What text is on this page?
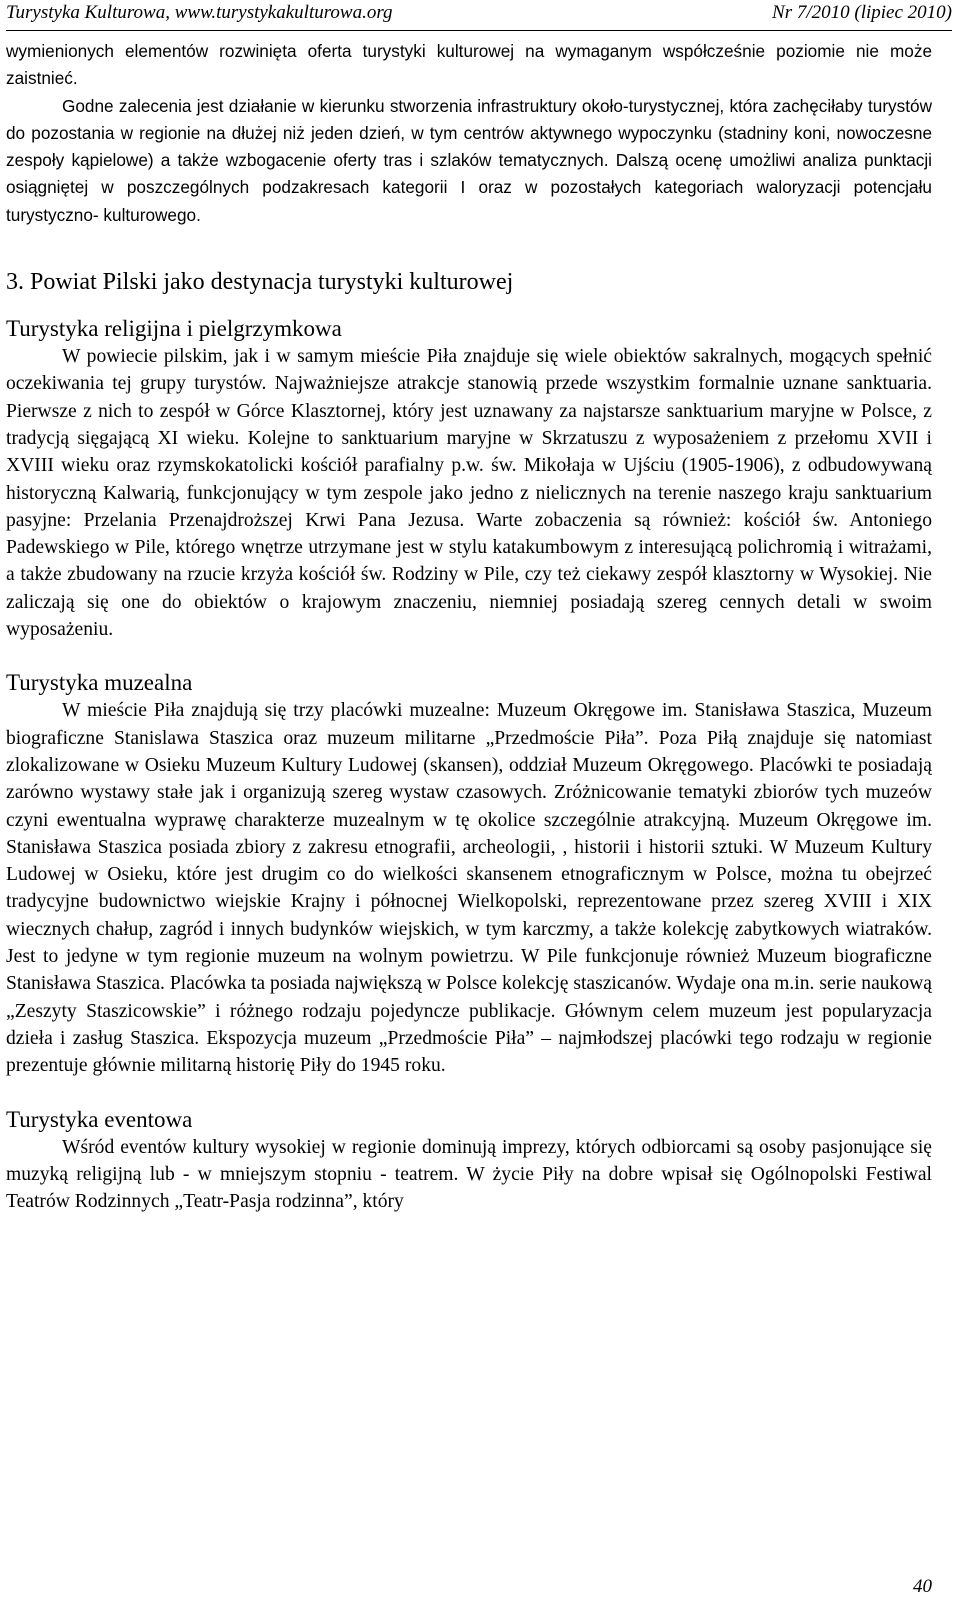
Turystyka Kulturowa, www.turystykakulturowa.org	Nr 7/2010 (lipiec 2010)

wymienionych elementów rozwinięta oferta turystyki kulturowej na wymaganym współcześnie poziomie nie może zaistnieć.

Godne zalecenia jest działanie w kierunku stworzenia infrastruktury około-turystycznej, która zachęciłaby turystów do pozostania w regionie na dłużej niż jeden dzień, w tym centrów aktywnego wypoczynku (stadniny koni, nowoczesne zespoły kąpielowe) a także wzbogacenie oferty tras i szlaków tematycznych. Dalszą ocenę umożliwi analiza punktacji osiągniętej w poszczególnych podzakresach kategorii I oraz w pozostałych kategoriach waloryzacji potencjału turystyczno- kulturowego.

3. Powiat Pilski jako destynacja turystyki kulturowej
Turystyka religijna i pielgrzymkowa

W powiecie pilskim, jak i w samym mieście Piła znajduje się wiele obiektów sakralnych, mogących spełnić oczekiwania tej grupy turystów. Najważniejsze atrakcje stanowią przede wszystkim formalnie uznane sanktuaria. Pierwsze z nich to zespół w Górce Klasztornej, który jest uznawany za najstarsze sanktuarium maryjne w Polsce, z tradycją sięgającą XI wieku. Kolejne to sanktuarium maryjne w Skrzatuszu z wyposażeniem z przełomu XVII i XVIII wieku oraz rzymskokatolicki kościół parafialny p.w. św. Mikołaja w Ujściu (1905-1906), z odbudowywaną historyczną Kalwarią, funkcjonujący w tym zespole jako jedno z nielicznych na terenie naszego kraju sanktuarium pasyjne: Przelania Przenajdroższej Krwi Pana Jezusa. Warte zobaczenia są również: kościół św. Antoniego Padewskiego w Pile, którego wnętrze utrzymane jest w stylu katakumbowym z interesującą polichromią i witrażami, a także zbudowany na rzucie krzyża kościół św. Rodziny w Pile, czy też ciekawy zespół klasztorny w Wysokiej. Nie zaliczają się one do obiektów o krajowym znaczeniu, niemniej posiadają szereg cennych detali w swoim wyposażeniu.

Turystyka muzealna

W mieście Piła znajdują się trzy placówki muzealne: Muzeum Okręgowe im. Stanisława Staszica, Muzeum biograficzne Stanislawa Staszica oraz muzeum militarne „Przedmoście Piła”. Poza Piłą znajduje się natomiast zlokalizowane w Osieku Muzeum Kultury Ludowej (skansen), oddział Muzeum Okręgowego. Placówki te posiadają zarówno wystawy stałe jak i organizują szereg wystaw czasowych. Zróżnicowanie tematyki zbiorów tych muzeów czyni ewentualna wyprawę charakterze muzealnym w tę okolice szczególnie atrakcyjną. Muzeum Okręgowe im. Stanisława Staszica posiada zbiory z zakresu etnografii, archeologii, , historii i historii sztuki. W Muzeum Kultury Ludowej w Osieku, które jest drugim co do wielkości skansenem etnograficznym w Polsce, można tu obejrzeć tradycyjne budownictwo wiejskie Krajny i północnej Wielkopolski, reprezentowane przez szereg XVIII i XIX wiecznych chałup, zagród i innych budynków wiejskich, w tym karczmy, a także kolekcję zabytkowych wiatraków. Jest to jedyne w tym regionie muzeum na wolnym powietrzu. W Pile funkcjonuje również Muzeum biograficzne Stanisława Staszica. Placówka ta posiada największą w Polsce kolekcję staszicanów. Wydaje ona m.in. serie naukową „Zeszyty Staszicowskie” i różnego rodzaju pojedyncze publikacje. Głównym celem muzeum jest popularyzacja dzieła i zasług Staszica. Ekspozycja muzeum „Przedmoście Piła” – najmłodszej placówki tego rodzaju w regionie prezentuje głównie militarną historię Piły do 1945 roku.

Turystyka eventowa

Wśród eventów kultury wysokiej w regionie dominują imprezy, których odbiorcami są osoby pasjonujące się muzyką religijną lub - w mniejszym stopniu - teatrem. W życie Piły na dobre wpisał się Ogólnopolski Festiwal Teatrów Rodzinnych „Teatr-Pasja rodzinna”, który

40
